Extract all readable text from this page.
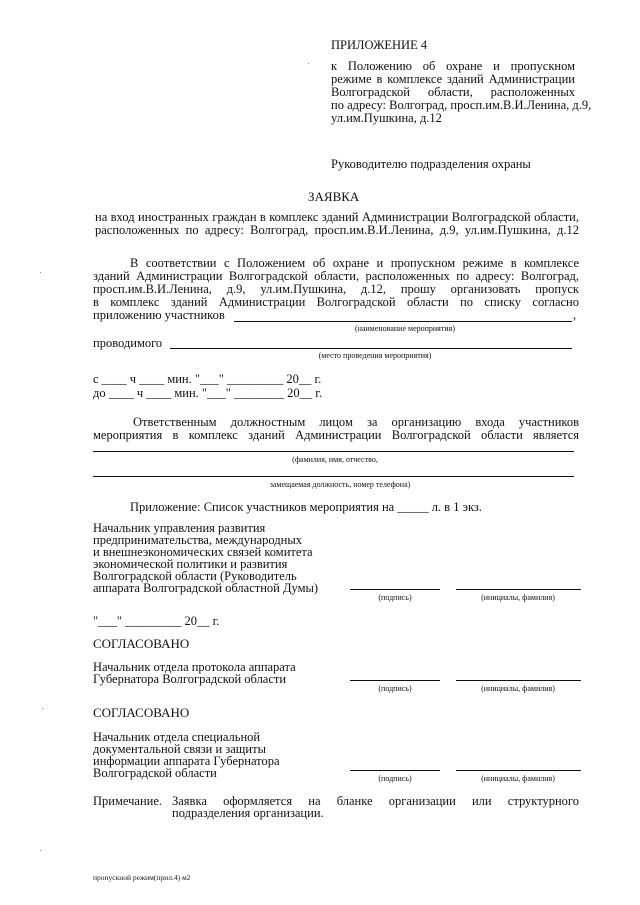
ПРИЛОЖЕНИЕ 4
к Положению об охране и пропускном
режиме в комплексе зданий Администрации
Волгоградской области, расположенных
по адресу: Волгоград, просп.им.В.И.Ленина, д.9,
ул.им.Пушкина, д.12
Руководителю подразделения охраны
ЗАЯВКА
на вход иностранных граждан в комплекс зданий Администрации Волгоградской области,
расположенных по адресу: Волгоград, просп.им.В.И.Ленина, д.9, ул.им.Пушкина, д.12
В соответствии с Положением об охране и пропускном режиме в комплексе
зданий Администрации Волгоградской области, расположенных по адресу: Волгоград,
просп.им.В.И.Ленина, д.9, ул.им.Пушкина, д.12, прошу организовать пропуск
в комплекс зданий Администрации Волгоградской области по списку согласно
приложению участников	,
(наименование мероприятия)
проводимого
(место проведения мероприятия)
с ____ ч ____ мин. "___" _________ 20__ г.
до ____ ч ____ мин. "___" ________ 20__ г.
Ответственным должностным лицом за организацию входа участников
мероприятия в комплекс зданий Администрации Волгоградской области является
(фамилия, имя, отчество,
замещаемая должность, номер телефона)
Приложение: Список участников мероприятия на _____ л. в 1 экз.
Начальник управления развития
предпринимательства, международных
и внешнеэкономических связей комитета
экономической политики и развития
Волгоградской области (Руководитель
аппарата Волгоградской областной Думы)
(подпись)	(инициалы, фамилия)
"___" _________ 20__ г.
СОГЛАСОВАНО
Начальник отдела протокола аппарата
Губернатора Волгоградской области
(подпись)	(инициалы, фамилия)
СОГЛАСОВАНО
Начальник отдела специальной
документальной связи и защиты
информации аппарата Губернатора
Волгоградской области	(подпись)	(инициалы, фамилия)
Примечание. Заявка оформляется на бланке организации или структурного
подразделения организации.
пропускной режим(прил.4) м2
